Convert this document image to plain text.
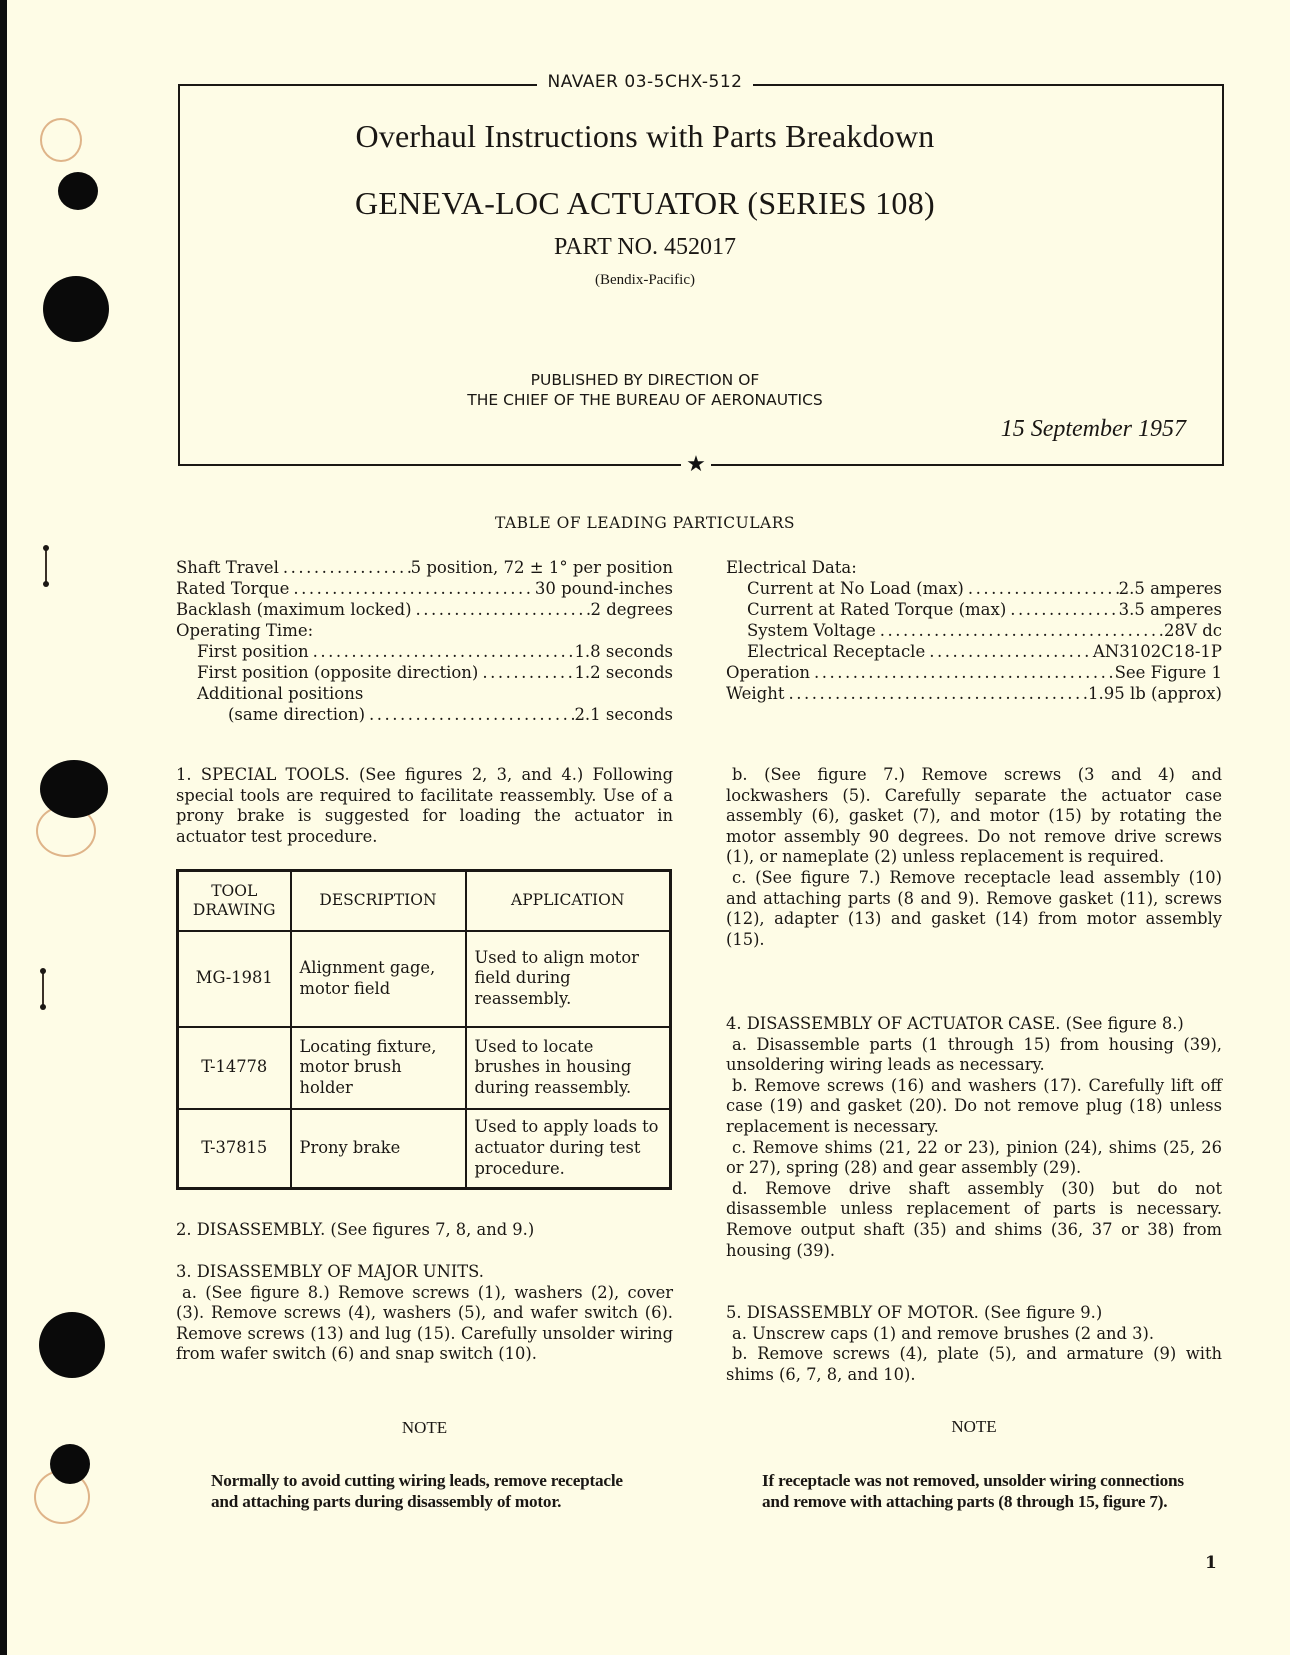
NAVAER 03-5CHX-512
Overhaul Instructions with Parts Breakdown
GENEVA-LOC ACTUATOR (SERIES 108)
PART NO. 452017
(Bendix-Pacific)
PUBLISHED BY DIRECTION OF
THE CHIEF OF THE BUREAU OF AERONAUTICS
15 September 1957
★
TABLE OF LEADING PARTICULARS
Shaft Travel .....	5 position, 72 ± 1° per position
Rated Torque .....	30 pound-inches
Backlash (maximum locked) .....	2 degrees
Operating Time:
First position .....	1.8 seconds
First position (opposite direction) .....	1.2 seconds
Additional positions
(same direction) .....	2.1 seconds
Electrical Data:
Current at No Load (max) .....	2.5 amperes
Current at Rated Torque (max) .....	3.5 amperes
System Voltage .....	28V dc
Electrical Receptacle .....	AN3102C18-1P
Operation .....	See Figure 1
Weight .....	1.95 lb (approx)

1. SPECIAL TOOLS. (See figures 2, 3, and 4.) Following special tools are required to facilitate reassembly. Use of a prony brake is suggested for loading the actuator in actuator test procedure.

TOOL DRAWING	DESCRIPTION	APPLICATION
MG-1981	Alignment gage, motor field	Used to align motor field during reassembly.
T-14778	Locating fixture, motor brush holder	Used to locate brushes in housing during reassembly.
T-37815	Prony brake	Used to apply loads to actuator during test procedure.

2. DISASSEMBLY. (See figures 7, 8, and 9.)

3. DISASSEMBLY OF MAJOR UNITS.

a. (See figure 8.) Remove screws (1), washers (2), cover (3). Remove screws (4), washers (5), and wafer switch (6). Remove screws (13) and lug (15). Carefully unsolder wiring from wafer switch (6) and snap switch (10).

b. (See figure 7.) Remove screws (3 and 4) and lockwashers (5). Carefully separate the actuator case assembly (6), gasket (7), and motor (15) by rotating the motor assembly 90 degrees. Do not remove drive screws (1), or nameplate (2) unless replacement is required.

c. (See figure 7.) Remove receptacle lead assembly (10) and attaching parts (8 and 9). Remove gasket (11), screws (12), adapter (13) and gasket (14) from motor assembly (15).

4. DISASSEMBLY OF ACTUATOR CASE. (See figure 8.)

a. Disassemble parts (1 through 15) from housing (39), unsoldering wiring leads as necessary.

b. Remove screws (16) and washers (17). Carefully lift off case (19) and gasket (20). Do not remove plug (18) unless replacement is necessary.

c. Remove shims (21, 22 or 23), pinion (24), shims (25, 26 or 27), spring (28) and gear assembly (29).

d. Remove drive shaft assembly (30) but do not disassemble unless replacement of parts is necessary. Remove output shaft (35) and shims (36, 37 or 38) from housing (39).

5. DISASSEMBLY OF MOTOR. (See figure 9.)

a. Unscrew caps (1) and remove brushes (2 and 3).

b. Remove screws (4), plate (5), and armature (9) with shims (6, 7, 8, and 10).

NOTE
Normally to avoid cutting wiring leads, remove receptacle and attaching parts during disassembly of motor.
NOTE
If receptacle was not removed, unsolder wiring connections and remove with attaching parts (8 through 15, figure 7).
1
